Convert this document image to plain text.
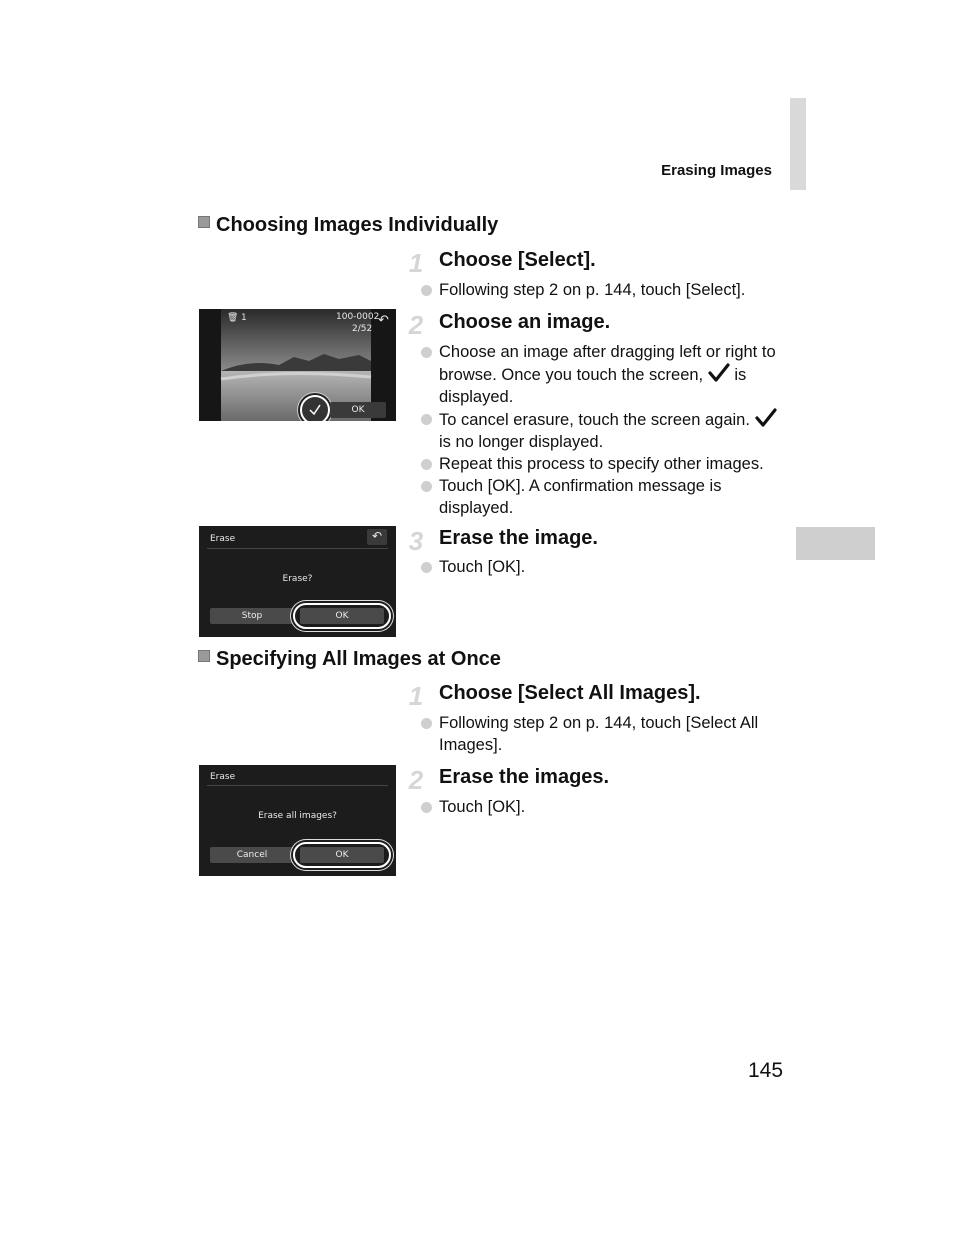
Erasing Images
Choosing Images Individually
1 Choose [Select].
Following step 2 on p. 144, touch [Select].
🗑 1	100-0002
2/52
↶
OK
2 Choose an image.
Choose an image after dragging left or right to browse. Once you touch the screen,  is displayed.
To cancel erasure, touch the screen again.  is no longer displayed.
Repeat this process to specify other images.
Touch [OK]. A confirmation message is displayed.
Erase	↶
Erase?
Stop	OK
3 Erase the image.
Touch [OK].
Specifying All Images at Once
1 Choose [Select All Images].
Following step 2 on p. 144, touch [Select All Images].
Erase
Erase all images?
Cancel	OK
2 Erase the images.
Touch [OK].
145
